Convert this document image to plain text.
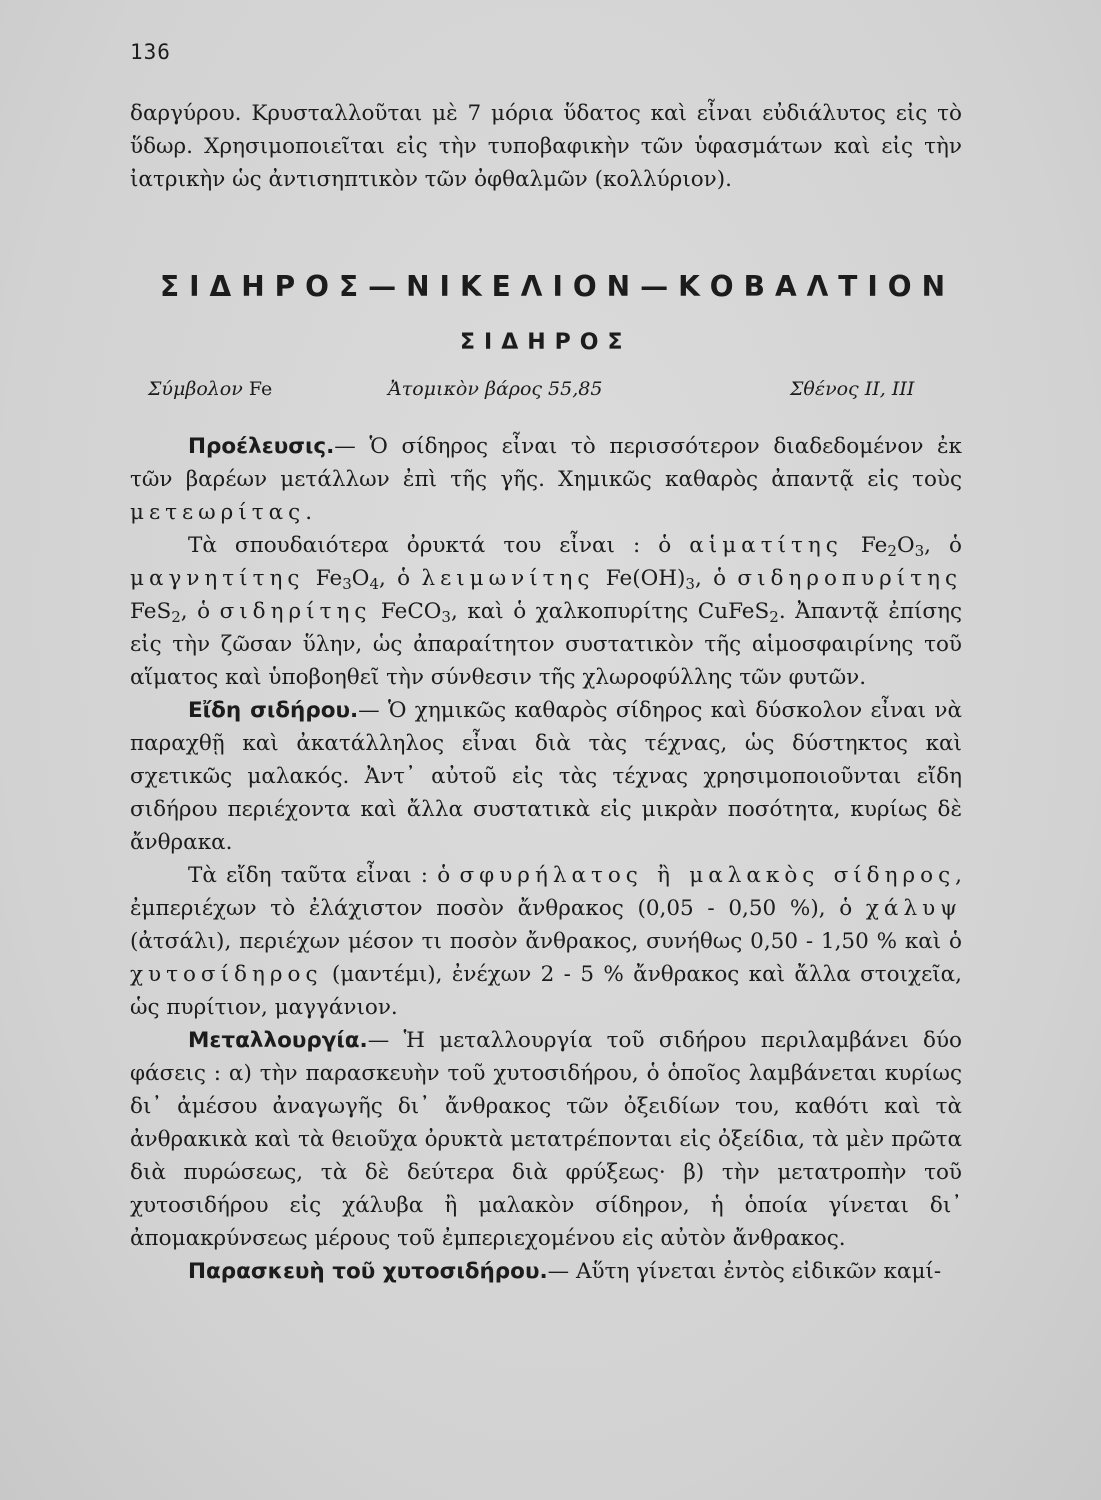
136

δαργύρου. Κρυσταλλοῦται μὲ 7 μόρια ὕδατος καὶ εἶναι εὐδιάλυτος εἰς τὸ ὕδωρ. Χρησιμοποιεῖται εἰς τὴν τυποβαφικὴν τῶν ὑφασμάτων καὶ εἰς τὴν ἰατρικὴν ὡς ἀντισηπτικὸν τῶν ὀφθαλμῶν (κολλύριον).

ΣΙΔΗΡΟΣ—ΝΙΚΕΛΙΟΝ—ΚΟΒΑΛΤΙΟΝ
ΣΙΔΗΡΟΣ
Σύμβολον Fe	Ἀτομικὸν βάρος 55,85	Σθένος II, III

Προέλευσις.— Ὁ σίδηρος εἶναι τὸ περισσότερον διαδεδομένον ἐκ τῶν βαρέων μετάλλων ἐπὶ τῆς γῆς. Χημικῶς καθαρὸς ἀπαντᾷ εἰς τοὺς μετεωρίτας.

Τὰ σπουδαιότερα ὀρυκτά του εἶναι : ὁ αἱματίτης $Fe_2O_3$, ὁ μαγνητίτης $Fe_3O_4$, ὁ λειμωνίτης $Fe(OH)_3$, ὁ σιδηροπυρίτης FeS$_2$, ὁ σιδηρίτης FeCO$_3$, καὶ ὁ χαλκοπυρίτης CuFeS$_2$. Ἀπαντᾷ ἐπίσης εἰς τὴν ζῶσαν ὕλην, ὡς ἀπαραίτητον συστατικὸν τῆς αἱμοσφαιρίνης τοῦ αἵματος καὶ ὑποβοηθεῖ τὴν σύνθεσιν τῆς χλωροφύλλης τῶν φυτῶν.

Εἴδη σιδήρου.— Ὁ χημικῶς καθαρὸς σίδηρος καὶ δύσκολον εἶναι νὰ παραχθῇ καὶ ἀκατάλληλος εἶναι διὰ τὰς τέχνας, ὡς δύστηκτος καὶ σχετικῶς μαλακός. Ἀντ᾽ αὐτοῦ εἰς τὰς τέχνας χρησιμοποιοῦνται εἴδη σιδήρου περιέχοντα καὶ ἄλλα συστατικὰ εἰς μικρὰν ποσότητα, κυρίως δὲ ἄνθρακα.

Τὰ εἴδη ταῦτα εἶναι : ὁ σφυρήλατος ἢ μαλακὸς σίδηρος, ἐμπεριέχων τὸ ἐλάχιστον ποσὸν ἄνθρακος (0,05 - 0,50 %), ὁ χάλυψ (ἀτσάλι), περιέχων μέσον τι ποσὸν ἄνθρακος, συνήθως 0,50 - 1,50 % καὶ ὁ χυτοσίδηρος (μαντέμι), ἐνέχων 2 - 5 % ἄνθρακος καὶ ἄλλα στοιχεῖα, ὡς πυρίτιον, μαγγάνιον.

Μεταλλουργία.— Ἡ μεταλλουργία τοῦ σιδήρου περιλαμβάνει δύο φάσεις : α) τὴν παρασκευὴν τοῦ χυτοσιδήρου, ὁ ὁποῖος λαμβάνεται κυρίως δι᾽ ἀμέσου ἀναγωγῆς δι᾽ ἄνθρακος τῶν ὀξειδίων του, καθότι καὶ τὰ ἀνθρακικὰ καὶ τὰ θειοῦχα ὀρυκτὰ μετατρέπονται εἰς ὀξείδια, τὰ μὲν πρῶτα διὰ πυρώσεως, τὰ δὲ δεύτερα διὰ φρύξεως· β) τὴν μετατροπὴν τοῦ χυτοσιδήρου εἰς χάλυβα ἢ μαλακὸν σίδηρον, ἡ ὁποία γίνεται δι᾽ ἀπομακρύνσεως μέρους τοῦ ἐμπεριεχομένου εἰς αὐτὸν ἄνθρακος.

Παρασκευὴ τοῦ χυτοσιδήρου.— Αὕτη γίνεται ἐντὸς εἰδικῶν καμί-
